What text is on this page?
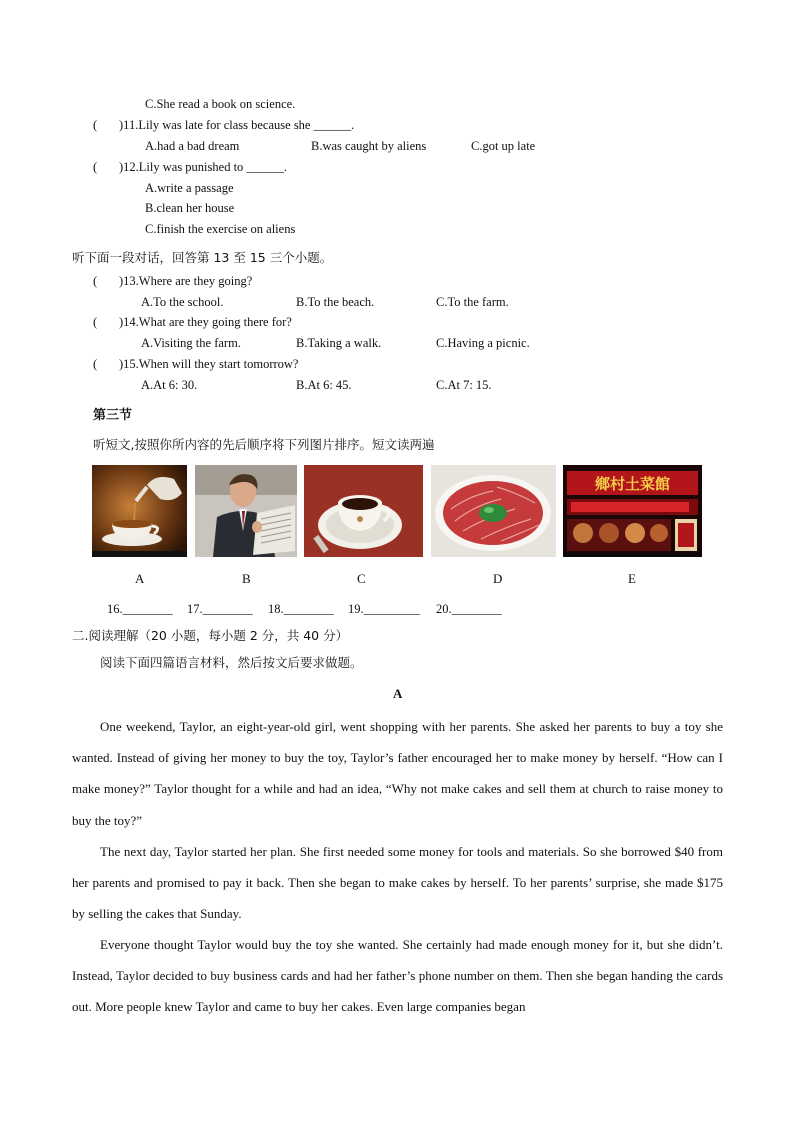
C.She read a book on science.
( )11.Lily was late for class because she ______.
A.had a bad dream	B.was caught by aliens	C.got up late
( )12.Lily was punished to ______.
A.write a passage
B.clean her house
C.finish the exercise on aliens
听下面一段对话，回答第 13 至 15 三个小题。
( )13.Where are they going?
A.To the school.	B.To the beach.	C.To the farm.
( )14.What are they going there for?
A.Visiting the farm.	B.Taking a walk.	C.Having a picnic.
( )15.When will they start tomorrow?
A.At 6: 30.	B.At 6: 45.	C.At 7: 15.
第三节
听短文,按照你所内容的先后顺序将下列图片排序。短文读两遍
鄉村土菜館
A	B	C	D	E
16.________ 17.________ 18.________ 19._________ 20.________
二.阅读理解（20 小题，每小题 2 分，共 40 分）
阅读下面四篇语言材料，然后按文后要求做题。
A

One weekend, Taylor, an eight-year-old girl, went shopping with her parents. She asked her parents to buy a toy she wanted. Instead of giving her money to buy the toy, Taylor’s father encouraged her to make money by herself. “How can I make money?” Taylor thought for a while and had an idea, “Why not make cakes and sell them at church to raise money to buy the toy?”

The next day, Taylor started her plan. She first needed some money for tools and materials. So she borrowed $40 from her parents and promised to pay it back. Then she began to make cakes by herself. To her parents’ surprise, she made $175 by selling the cakes that Sunday.

Everyone thought Taylor would buy the toy she wanted. She certainly had made enough money for it, but she didn’t. Instead, Taylor decided to buy business cards and had her father’s phone number on them. Then she began handing the cards out. More people knew Taylor and came to buy her cakes. Even large companies began
